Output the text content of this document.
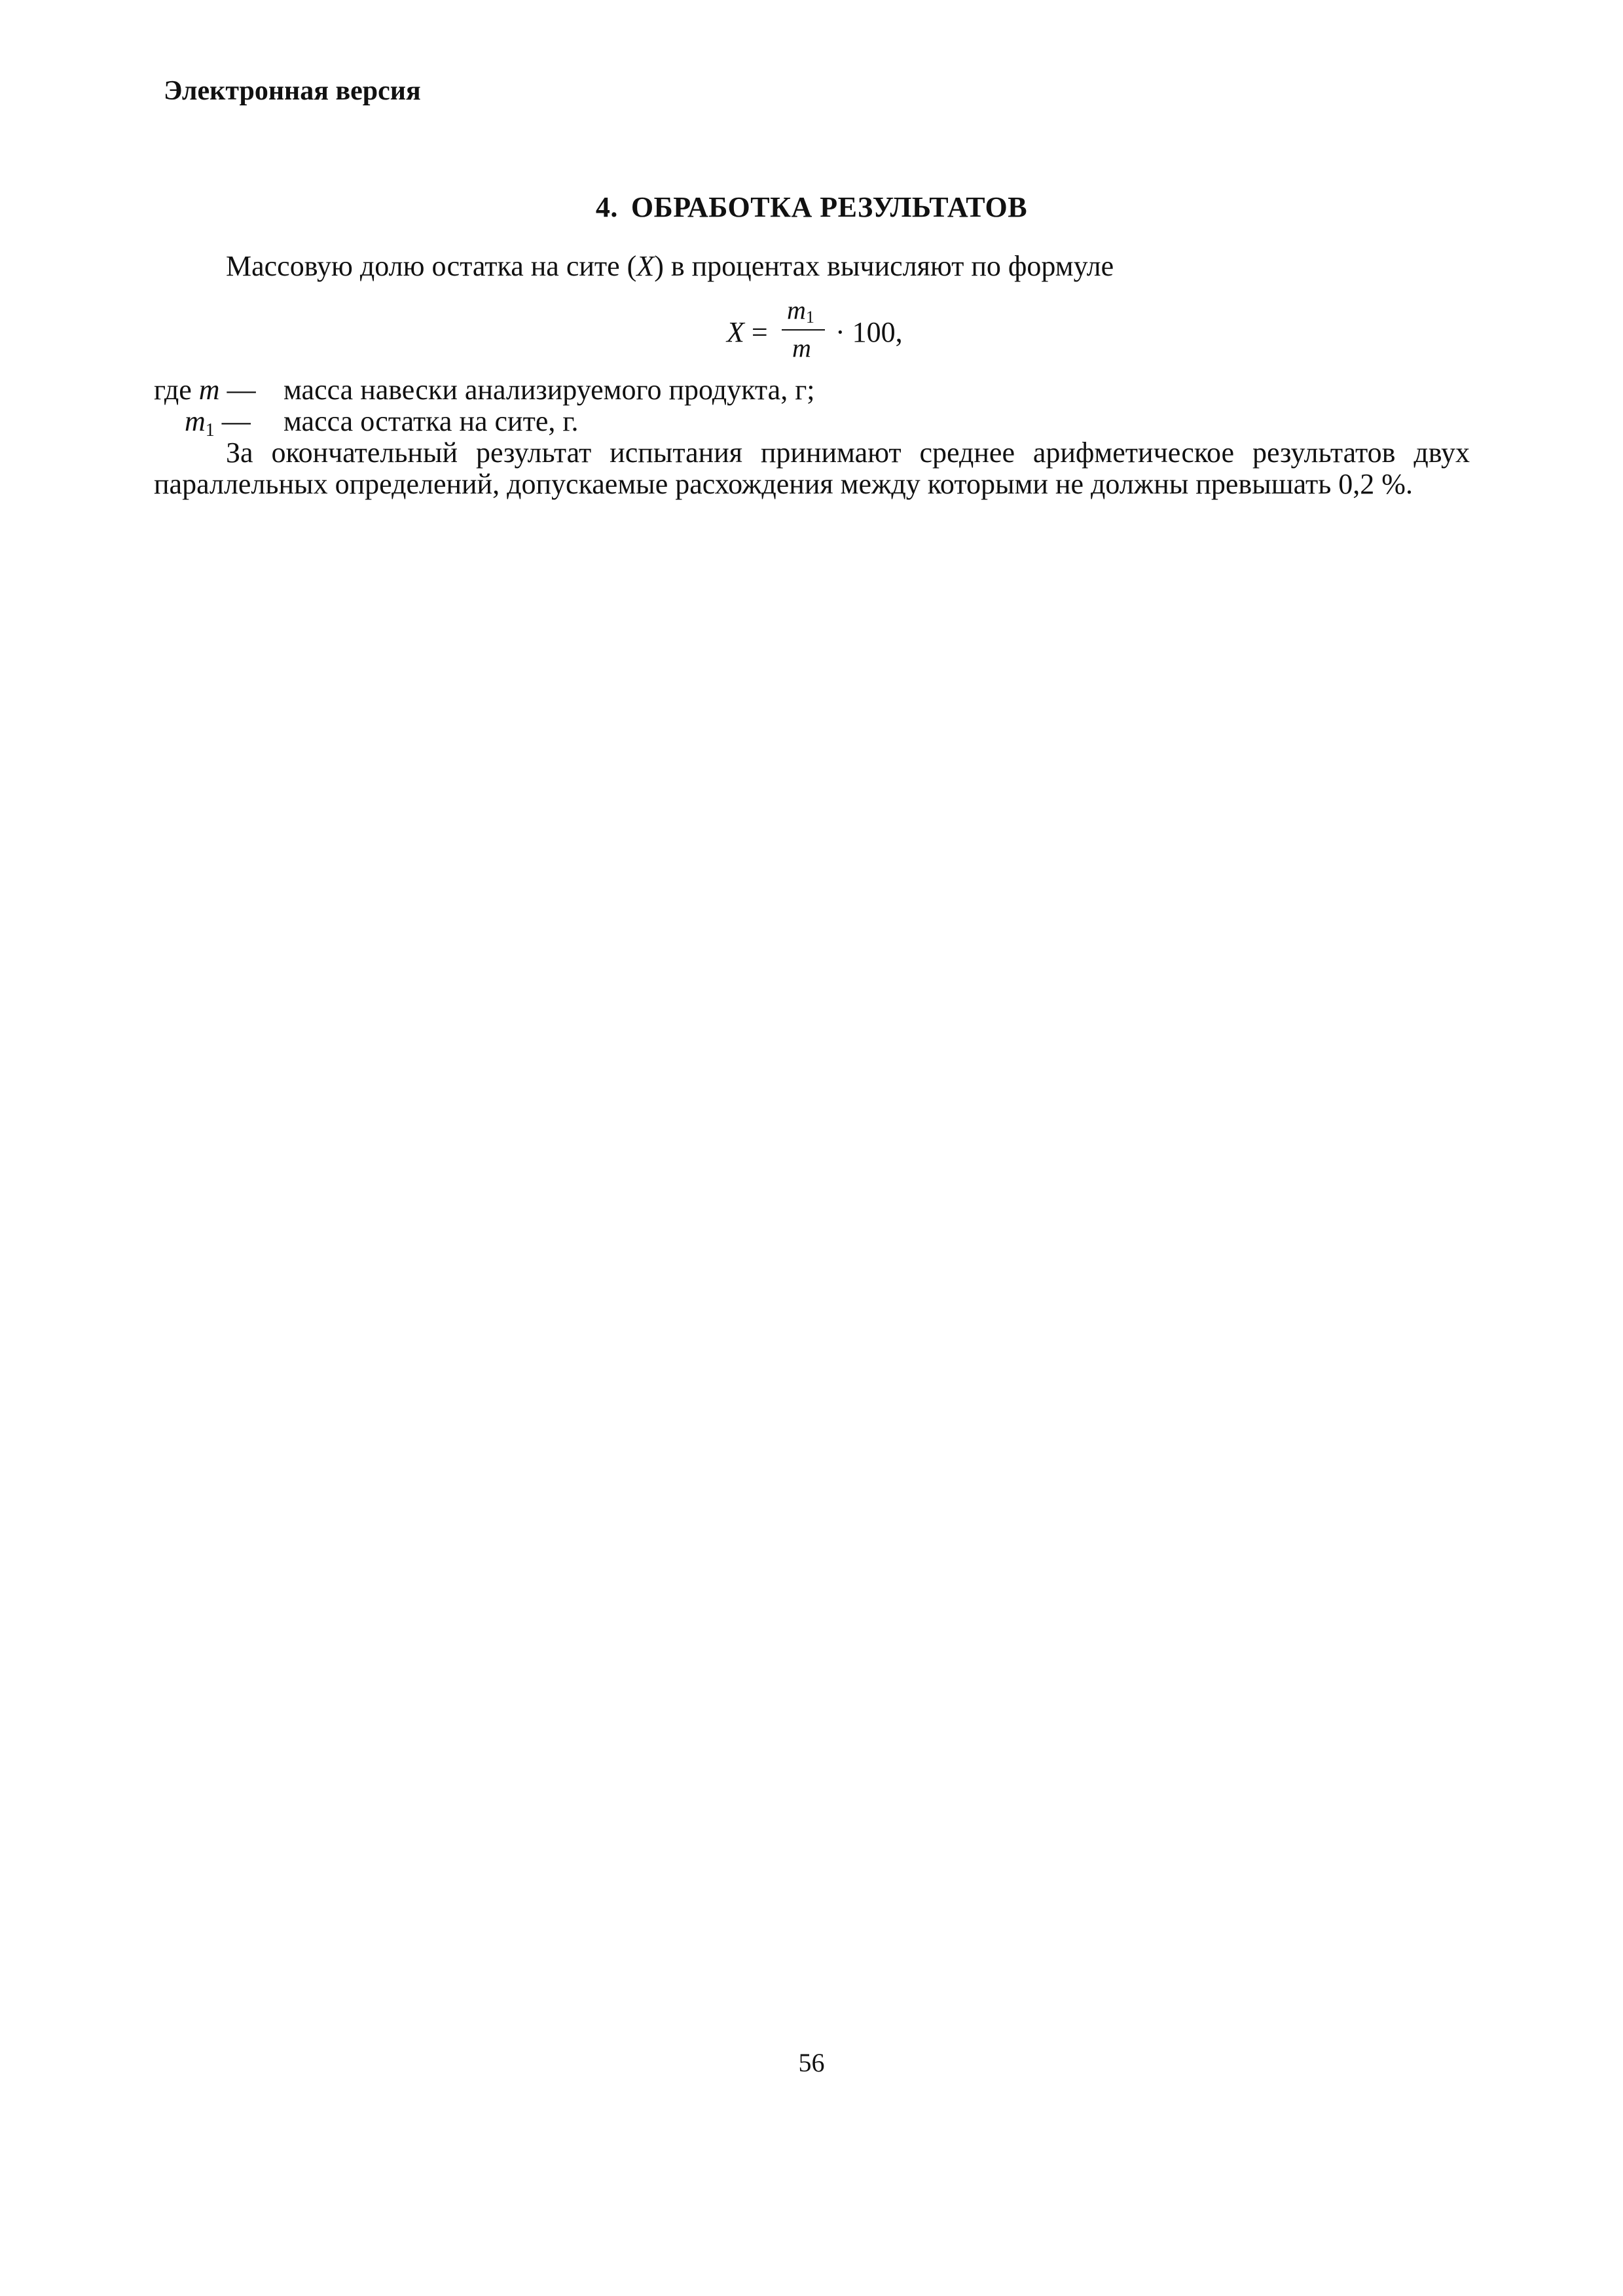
Электронная версия
4. ОБРАБОТКА РЕЗУЛЬТАТОВ
Массовую долю остатка на сите (X) в процентах вычисляют по формуле
X =
$m_1$
m · 100,
где m — масса навески анализируемого продукта, г;
$m_1$ — масса остатка на сите, г.
За окончательный результат испытания принимают среднее арифметическое результатов двух параллельных определений, допускаемые расхождения между которыми не должны превышать 0,2 %.
56
